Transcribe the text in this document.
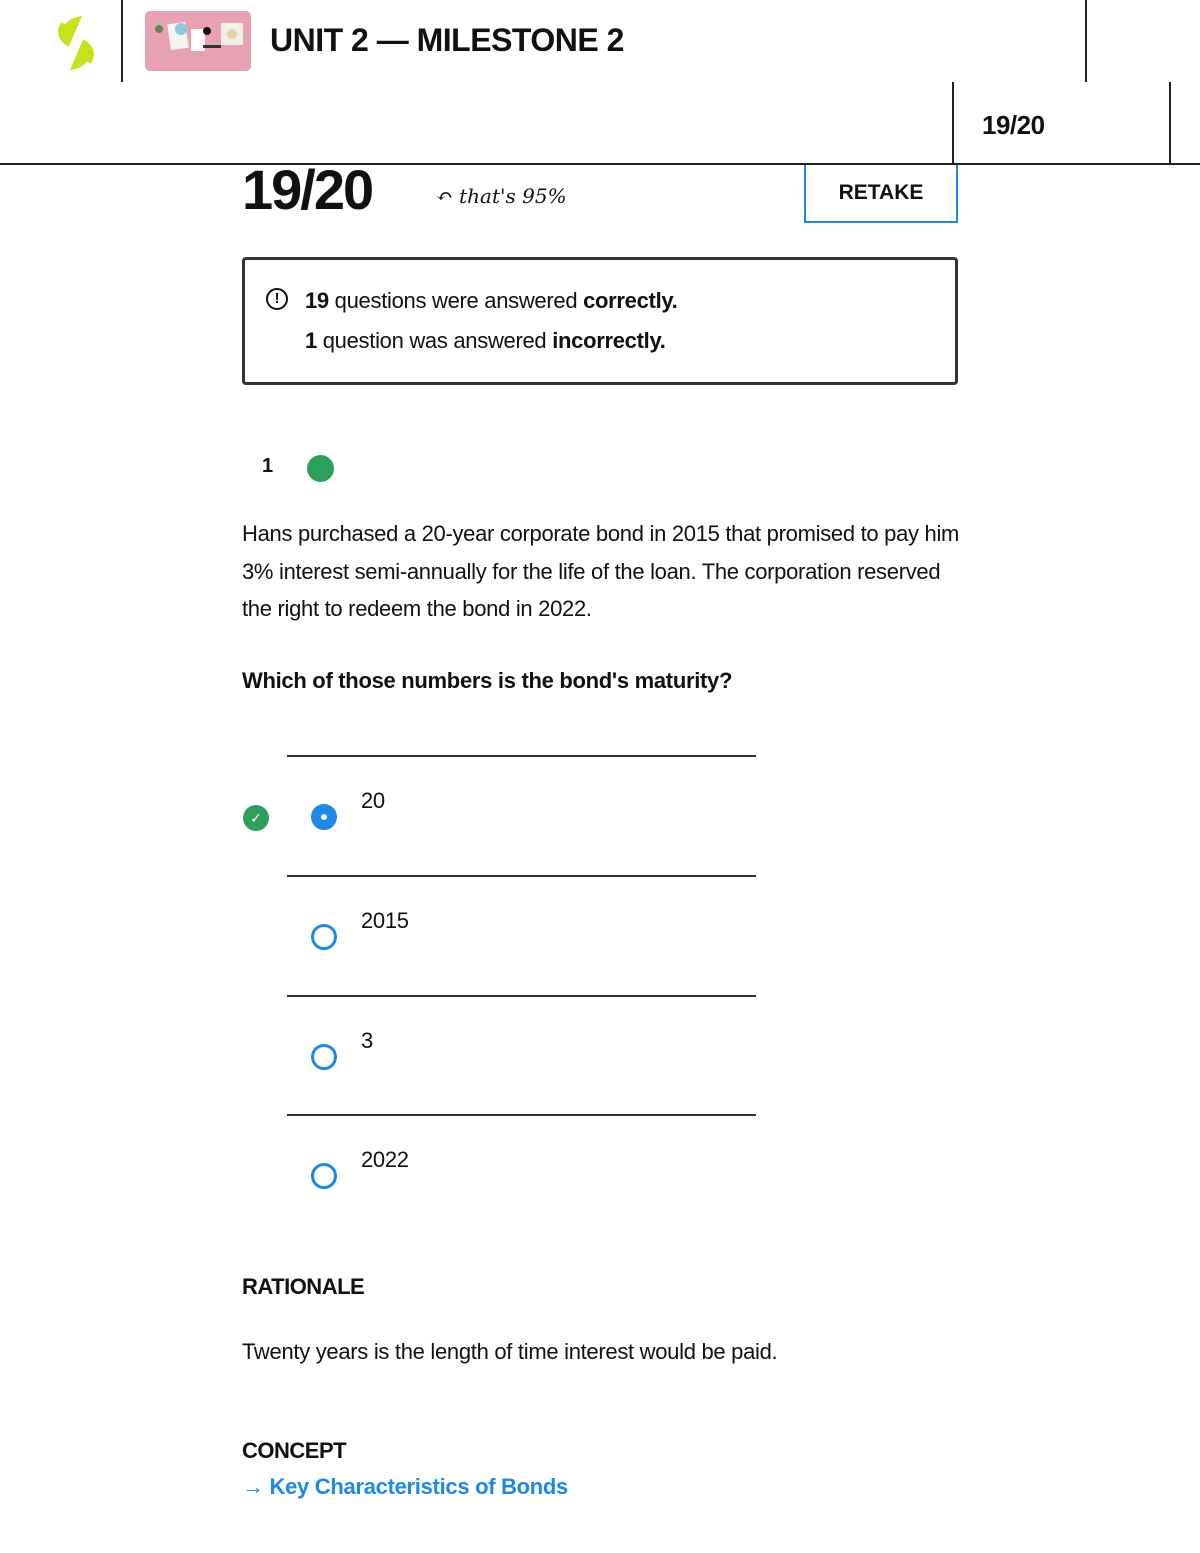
UNIT 2 — MILESTONE 2
19/20
19/20	↶ that's 95%	RETAKE
!	19 questions were answered correctly.
1 question was answered incorrectly.
1
Hans purchased a 20-year corporate bond in 2015 that promised to pay him 3% interest semi-annually for the life of the loan. The corporation reserved the right to redeem the bond in 2022.
Which of those numbers is the bond's maturity?
✓
20
2015
3
2022
RATIONALE
Twenty years is the length of time interest would be paid.
CONCEPT
→ Key Characteristics of Bonds
